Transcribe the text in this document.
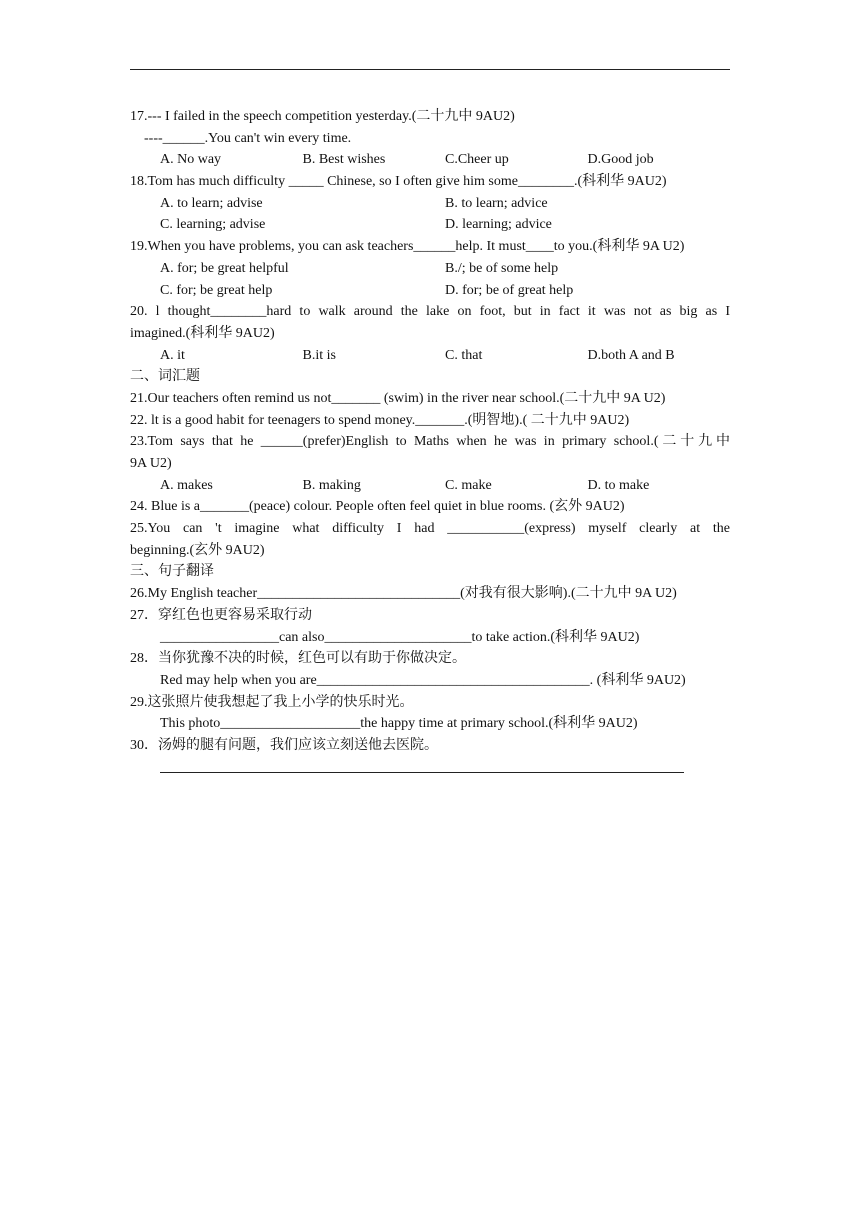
17.--- I failed in the speech competition yesterday.(二十九中 9AU2)
----______.You can't win every time.
A. No way	B. Best wishes	C.Cheer up	D.Good job
18.Tom has much difficulty _____ Chinese, so I often give him some________.(科利华 9AU2)
A. to learn; advise	B. to learn; advice
C. learning; advise	D. learning; advice
19.When you have problems, you can ask teachers______help. It must____to you.(科利华 9A U2)
A. for; be great helpful	B./; be of some help
C. for; be great help	D. for; be of great help
20. l thought________hard to walk around the lake on foot, but in fact it was not as big as I
imagined.(科利华 9AU2)
A. it	B.it is	C. that	D.both A and B
二、词汇题
21.Our teachers often remind us not_______ (swim) in the river near school.(二十九中 9A U2)
22. lt is a good habit for teenagers to spend money._______.(明智地).( 二十九中 9AU2)
23.Tom says that he ______(prefer)English to Maths when he was in primary school.(二十九中
9A U2)
A. makes	B. making	C. make	D. to make
24. Blue is a_______(peace) colour. People often feel quiet in blue rooms. (玄外 9AU2)
25.You can 't imagine what difficulty I had ___________(express) myself clearly at the
beginning.(玄外 9AU2)
三、句子翻译
26.My English teacher_____________________________(对我有很大影响).(二十九中 9A U2)
27．穿红色也更容易采取行动
_________________can also_____________________to take action.(科利华 9AU2)
28．当你犹豫不决的时候，红色可以有助于你做决定。
Red may help when you are_______________________________________. (科利华 9AU2)
29.这张照片使我想起了我上小学的快乐时光。
This photo____________________the happy time at primary school.(科利华 9AU2)
30．汤姆的腿有问题，我们应该立刻送他去医院。
